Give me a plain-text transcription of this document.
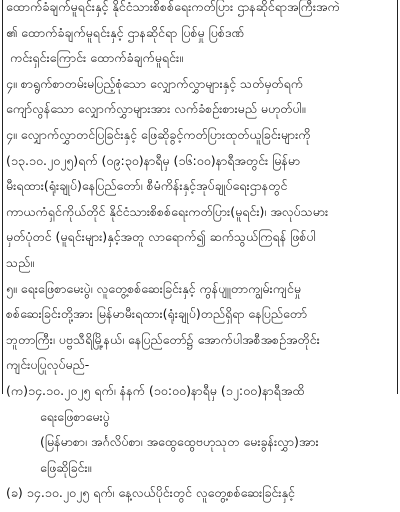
ထောက်ခံချက်မူရင်းနှင့် နိုင်ငံသားစိစစ်ရေးကတ်ပြား ဌာနဆိုင်ရာအကြီးအကဲ
၏ ထောက်ခံချက်မူရင်းနှင့် ဌာနဆိုင်ရာ ပြစ်မှု ပြစ်ဒဏ်
ကင်းရှင်းကြောင်း ထောက်ခံချက်မူရင်း။
၄။ စာရွက်စာတမ်းမပြည့်စုံသော လျှောက်လွှာများနှင့် သတ်မှတ်ရက်
ကျော်လွန်သော လျှောက်လွှာများအား လက်ခံစဉ်းစားမည် မဟုတ်ပါ။
၄။ လျှောက်လွှာတင်ပြခြင်းနှင့် ဖြေဆိုခွင့်ကတ်ပြားထုတ်ယူခြင်းများကို
(၁၃.၁၀.၂၀၂၅)ရက် (၀၉:၃၀)နာရီမှ (၁၆:၀၀)နာရီအတွင်း မြန်မာ
မီးရထား(ရုံးချုပ်)နေပြည်တော်၊ စီမံကိန်းနှင့်အုပ်ချုပ်ရေးဌာနတွင်
ကာယကံရှင်ကိုယ်တိုင် နိုင်ငံသားစိစစ်ရေးကတ်ပြား(မူရင်း)၊ အလုပ်သမား
မှတ်ပုံတင် (မူရင်းများ)နှင့်အတူ လာရောက်၍ ဆက်သွယ်ကြရန် ဖြစ်ပါ
သည်။
၅။ ရေးဖြေစာမေးပွဲ၊ လူတွေ့စစ်ဆေးခြင်းနှင့် ကွန်ပျူတာကျွမ်းကျင်မှု
စစ်ဆေးခြင်းတို့အား မြန်မာမီးရထား(ရုံးချုပ်)တည်ရှိရာ နေပြည်တော်
ဘူတာကြီး၊ ပဗ္ဗသီရိမြို့နယ်၊ နေပြည်တော်၌ အောက်ပါအစီအစဉ်အတိုင်း
ကျင်းပပြုလုပ်မည်-
(က)၁၄.၁၀.၂၀၂၅ ရက်၊ နံနက် (၁၀:၀၀)နာရီမှ (၁၂:၀၀)နာရီအထိ
ရေးဖြေစာမေးပွဲ
(မြန်မာစာ၊ အင်္ဂလိပ်စာ၊ အထွေထွေဗဟုသုတ မေးခွန်းလွှာ)အား
ဖြေဆိုခြင်း။
(ခ) ၁၄.၁၀.၂၀၂၅ ရက်၊ နေ့လယ်ပိုင်းတွင် လူတွေ့စစ်ဆေးခြင်းနှင့်
